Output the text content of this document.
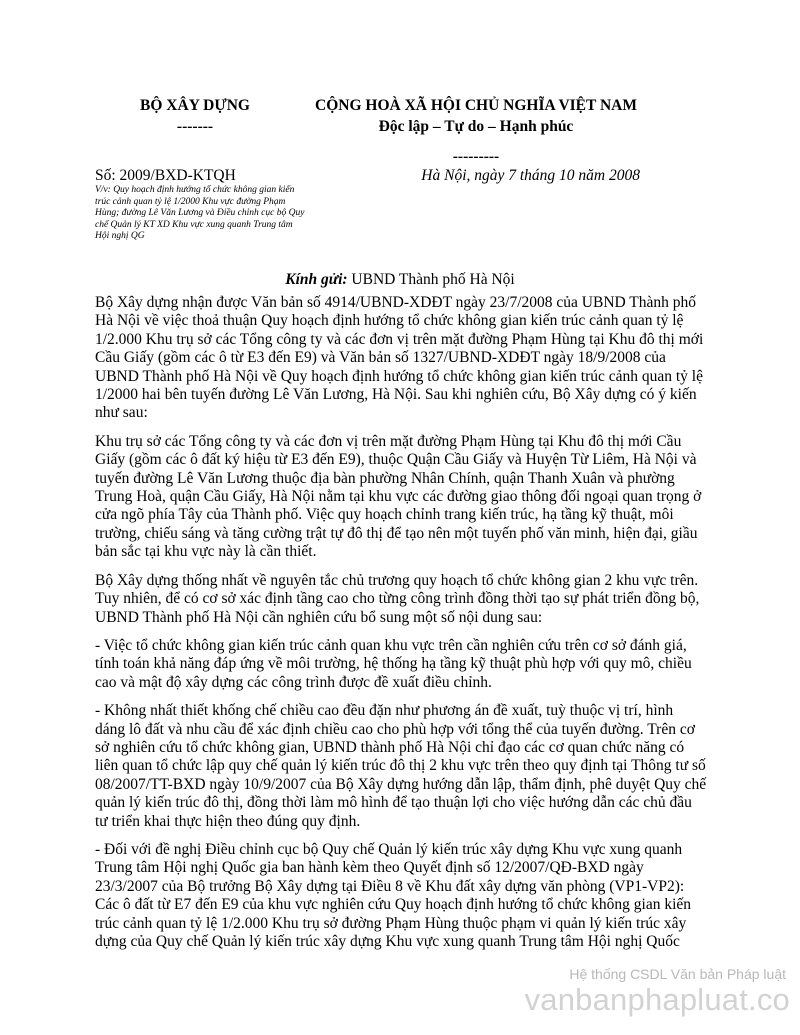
BỘ XÂY DỰNG
-------
CỘNG HOÀ XÃ HỘI CHỦ NGHĨA VIỆT NAM
Độc lập – Tự do – Hạnh phúc
---------
Số: 2009/BXD-KTQH	Hà Nội, ngày 7 tháng 10 năm 2008
V/v: Quy hoạch định hướng tổ chức không gian kiến trúc cảnh quan tỷ lệ 1/2000 Khu vực đường Phạm Hùng; đường Lê Văn Lương và Điều chỉnh cục bộ Quy chế Quản lý KT XD Khu vực xung quanh Trung tâm Hội nghị QG
Kính gửi: UBND Thành phố Hà Nội

Bộ Xây dựng nhận được Văn bản số 4914/UBND-XDĐT ngày 23/7/2008 của UBND Thành phố Hà Nội về việc thoả thuận Quy hoạch định hướng tổ chức không gian kiến trúc cảnh quan tỷ lệ 1/2.000 Khu trụ sở các Tổng công ty và các đơn vị trên mặt đường Phạm Hùng tại Khu đô thị mới Cầu Giấy (gồm các ô từ E3 đến E9) và Văn bản số 1327/UBND-XDĐT ngày 18/9/2008 của UBND Thành phố Hà Nội về Quy hoạch định hướng tổ chức không gian kiến trúc cảnh quan tỷ lệ 1/2000 hai bên tuyến đường Lê Văn Lương, Hà Nội. Sau khi nghiên cứu, Bộ Xây dựng có ý kiến như sau:

Khu trụ sở các Tổng công ty và các đơn vị trên mặt đường Phạm Hùng tại Khu đô thị mới Cầu Giấy (gồm các ô đất ký hiệu từ E3 đến E9), thuộc Quận Cầu Giấy và Huyện Từ Liêm, Hà Nội và tuyến đường Lê Văn Lương thuộc địa bàn phường Nhân Chính, quận Thanh Xuân và phường Trung Hoà, quận Cầu Giấy, Hà Nội nằm tại khu vực các đường giao thông đối ngoại quan trọng ở cửa ngõ phía Tây của Thành phố. Việc quy hoạch chỉnh trang kiến trúc, hạ tầng kỹ thuật, môi trường, chiếu sáng và tăng cường trật tự đô thị để tạo nên một tuyến phố văn minh, hiện đại, giầu bản sắc tại khu vực này là cần thiết.

Bộ Xây dựng thống nhất về nguyên tắc chủ trương quy hoạch tổ chức không gian 2 khu vực trên. Tuy nhiên, để có cơ sở xác định tầng cao cho từng công trình đồng thời tạo sự phát triển đồng bộ, UBND Thành phố Hà Nội cần nghiên cứu bổ sung một số nội dung sau:

- Việc tổ chức không gian kiến trúc cảnh quan khu vực trên cần nghiên cứu trên cơ sở đánh giá, tính toán khả năng đáp ứng về môi trường, hệ thống hạ tầng kỹ thuật phù hợp với quy mô, chiều cao và mật độ xây dựng các công trình được đề xuất điều chỉnh.

- Không nhất thiết khống chế chiều cao đều đặn như phương án đề xuất, tuỳ thuộc vị trí, hình dáng lô đất và nhu cầu để xác định chiều cao cho phù hợp với tổng thể của tuyến đường. Trên cơ sở nghiên cứu tổ chức không gian, UBND thành phố Hà Nội chỉ đạo các cơ quan chức năng có liên quan tổ chức lập quy chế quản lý kiến trúc đô thị 2 khu vực trên theo quy định tại Thông tư số 08/2007/TT-BXD ngày 10/9/2007 của Bộ Xây dựng hướng dẫn lập, thẩm định, phê duyệt Quy chế quản lý kiến trúc đô thị, đồng thời làm mô hình để tạo thuận lợi cho việc hướng dẫn các chủ đầu tư triển khai thực hiện theo đúng quy định.

- Đối với đề nghị Điều chỉnh cục bộ Quy chế Quản lý kiến trúc xây dựng Khu vực xung quanh Trung tâm Hội nghị Quốc gia ban hành kèm theo Quyết định số 12/2007/QĐ-BXD ngày 23/3/2007 của Bộ trưởng Bộ Xây dựng tại Điều 8 về Khu đất xây dựng văn phòng (VP1-VP2): Các ô đất từ E7 đến E9 của khu vực nghiên cứu Quy hoạch định hướng tổ chức không gian kiến trúc cảnh quan tỷ lệ 1/2.000 Khu trụ sở đường Phạm Hùng thuộc phạm vi quản lý kiến trúc xây dựng của Quy chế Quản lý kiến trúc xây dựng Khu vực xung quanh Trung tâm Hội nghị Quốc

Hệ thống CSDL Văn bản Pháp luật
vanbanphapluat.co
